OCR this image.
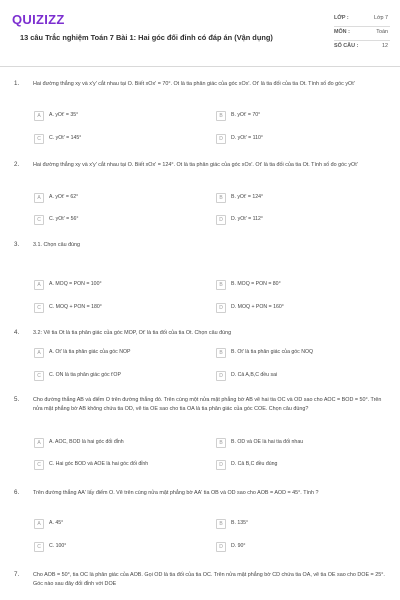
QUIZIZZ
13 câu Trắc nghiệm Toán 7 Bài 1: Hai góc đối đỉnh có đáp án (Vận dụng)
LỚP :	Lớp 7
MÔN :	Toán
SỐ CÂU :	12
1.	Hai đường thẳng xy và x'y' cắt nhau tại O. Biết xOx' = 70°. Ot là tia phân giác của góc xOx'. Ot' là tia đối của tia Ot. Tính số đo góc yOt'
A	A. yOt' = 35°	B	B. yOt' = 70°
C	C. yOt' = 145°	D	D. yOt' = 110°
2.	Hai đường thẳng xy và x'y' cắt nhau tại O. Biết xOx' = 124°. Ot là tia phân giác của góc xOx'. Ot' là tia đối của tia Ot. Tính số đo góc yOt'
A	A. yOt' = 62°	B	B. yOt' = 124°
C	C. yOt' = 56°	D	D. yOt' = 112°
3.	3.1. Chọn câu đúng
A	A. MOQ = PON = 100°	B	B. MOQ = PON = 80°
C	C. MOQ + PON = 180°	D	D. MOQ + PON = 160°
4.	3.2: Vẽ tia Ot là tia phân giác của góc MOP, Ot' là tia đối của tia Ot. Chọn câu đúng
A	A. Ot' là tia phân giác của góc NOP	B	B. Ot' là tia phân giác của góc NOQ
C	C. ON là tia phân giác góc t'OP	D	D. Cả A,B,C đều sai
5.	Cho đường thẳng AB và điểm O trên đường thẳng đó. Trên cùng một nửa mặt phẳng bờ AB vẽ hai tia OC và OD sao cho AOC = BOD = 50°. Trên nửa mặt phẳng bờ AB không chứa tia OD, vẽ tia OE sao cho tia OA là tia phân giác của góc COE. Chọn câu đúng?
A	A. AOC, BOD là hai góc đối đỉnh	B	B. OD và OE là hai tia đối nhau
C	C. Hai góc BOD và AOE là hai góc đối đỉnh	D	D. Cả B,C đều đúng
6.	Trên đường thẳng AA' lấy điểm O. Vẽ trên cùng nửa mặt phẳng bờ AA' tia OB và OD sao cho AOB = AOD = 45°. Tính ?
A	A. 45°	B	B. 135°
C	C. 100°	D	D. 90°
7.	Cho AOB = 50°, tia OC là phân giác của AOB. Gọi OD là tia đối của tia OC. Trên nửa mặt phẳng bờ CD chứa tia OA, vẽ tia OE sao cho DOE = 25°. Góc nào sau đây đối đỉnh với DOE
